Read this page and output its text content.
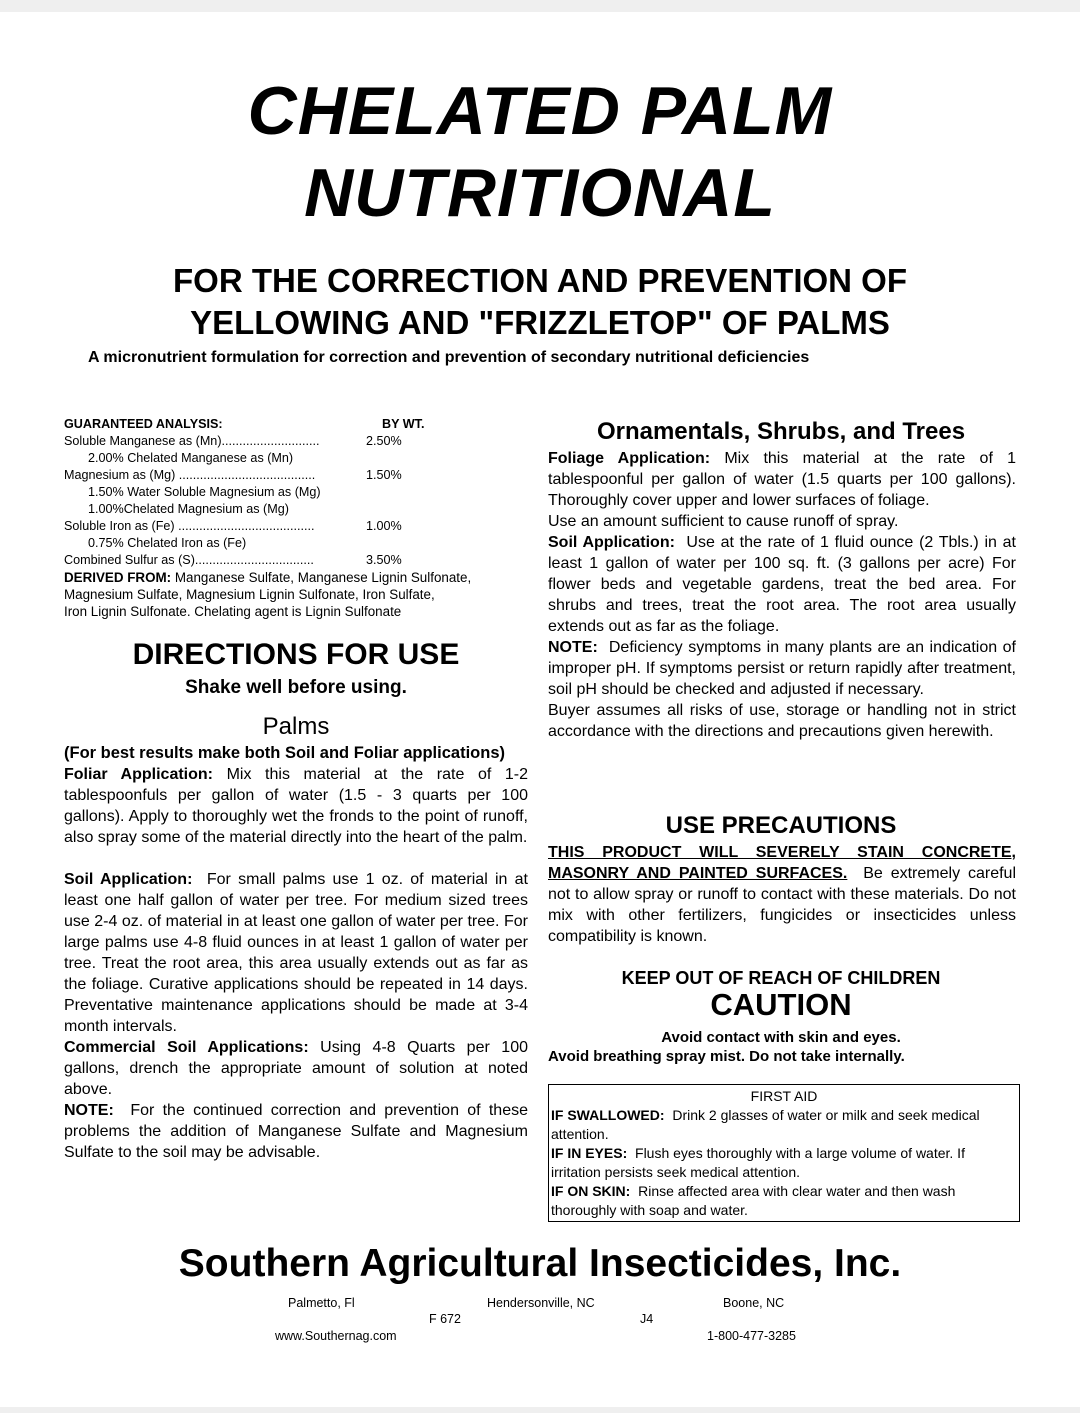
CHELATED PALM
NUTRITIONAL
FOR THE CORRECTION AND PREVENTION OF
YELLOWING AND "FRIZZLETOP" OF PALMS
A micronutrient formulation for correction and prevention of secondary nutritional deficiencies
GUARANTEED ANALYSIS:	BY WT.
Soluble Manganese as (Mn)............................	2.50%
2.00% Chelated Manganese as (Mn)
Magnesium as (Mg) .......................................	1.50%
1.50% Water Soluble Magnesium as (Mg)
1.00%Chelated Magnesium as (Mg)
Soluble Iron as (Fe) .......................................	1.00%
0.75% Chelated Iron as (Fe)
Combined Sulfur as (S)..................................	3.50%
DERIVED FROM: Manganese Sulfate, Manganese Lignin Sulfonate,
Magnesium Sulfate, Magnesium Lignin Sulfonate, Iron Sulfate,
Iron Lignin Sulfonate. Chelating agent is Lignin Sulfonate
DIRECTIONS FOR USE
Shake well before using.
Palms
(For best results make both Soil and Foliar applications)
Foliar Application: Mix this material at the rate of 1-2 tablespoonfuls per gallon of water (1.5 - 3 quarts per 100 gallons). Apply to thoroughly wet the fronds to the point of runoff, also spray some of the material directly into the heart of the palm.
Soil Application: For small palms use 1 oz. of material in at least one half gallon of water per tree. For medium sized trees use 2-4 oz. of material in at least one gallon of water per tree. For large palms use 4-8 fluid ounces in at least 1 gallon of water per tree. Treat the root area, this area usually extends out as far as the foliage. Curative applications should be repeated in 14 days. Preventative maintenance applications should be made at 3-4 month intervals.
Commercial Soil Applications: Using 4-8 Quarts per 100 gallons, drench the appropriate amount of solution at noted above.
NOTE: For the continued correction and prevention of these problems the addition of Manganese Sulfate and Magnesium Sulfate to the soil may be advisable.
Ornamentals, Shrubs, and Trees
Foliage Application: Mix this material at the rate of 1 tablespoonful per gallon of water (1.5 quarts per 100 gallons). Thoroughly cover upper and lower surfaces of foliage.
Use an amount sufficient to cause runoff of spray.
Soil Application: Use at the rate of 1 fluid ounce (2 Tbls.) in at least 1 gallon of water per 100 sq. ft. (3 gallons per acre) For flower beds and vegetable gardens, treat the bed area. For shrubs and trees, treat the root area. The root area usually extends out as far as the foliage.
NOTE: Deficiency symptoms in many plants are an indication of improper pH. If symptoms persist or return rapidly after treatment, soil pH should be checked and adjusted if necessary.
Buyer assumes all risks of use, storage or handling not in strict accordance with the directions and precautions given herewith.
USE PRECAUTIONS
THIS PRODUCT WILL SEVERELY STAIN CONCRETE, MASONRY AND PAINTED SURFACES. Be extremely careful not to allow spray or runoff to contact with these materials. Do not mix with other fertilizers, fungicides or insecticides unless compatibility is known.
KEEP OUT OF REACH OF CHILDREN
CAUTION
Avoid contact with skin and eyes.
Avoid breathing spray mist. Do not take internally.
FIRST AID
IF SWALLOWED: Drink 2 glasses of water or milk and seek medical attention.
IF IN EYES: Flush eyes thoroughly with a large volume of water. If irritation persists seek medical attention.
IF ON SKIN: Rinse affected area with clear water and then wash thoroughly with soap and water.
Southern Agricultural Insecticides, Inc.
Palmetto, Fl	Hendersonville, NC	Boone, NC
F 672	J4
www.Southernag.com	1-800-477-3285
